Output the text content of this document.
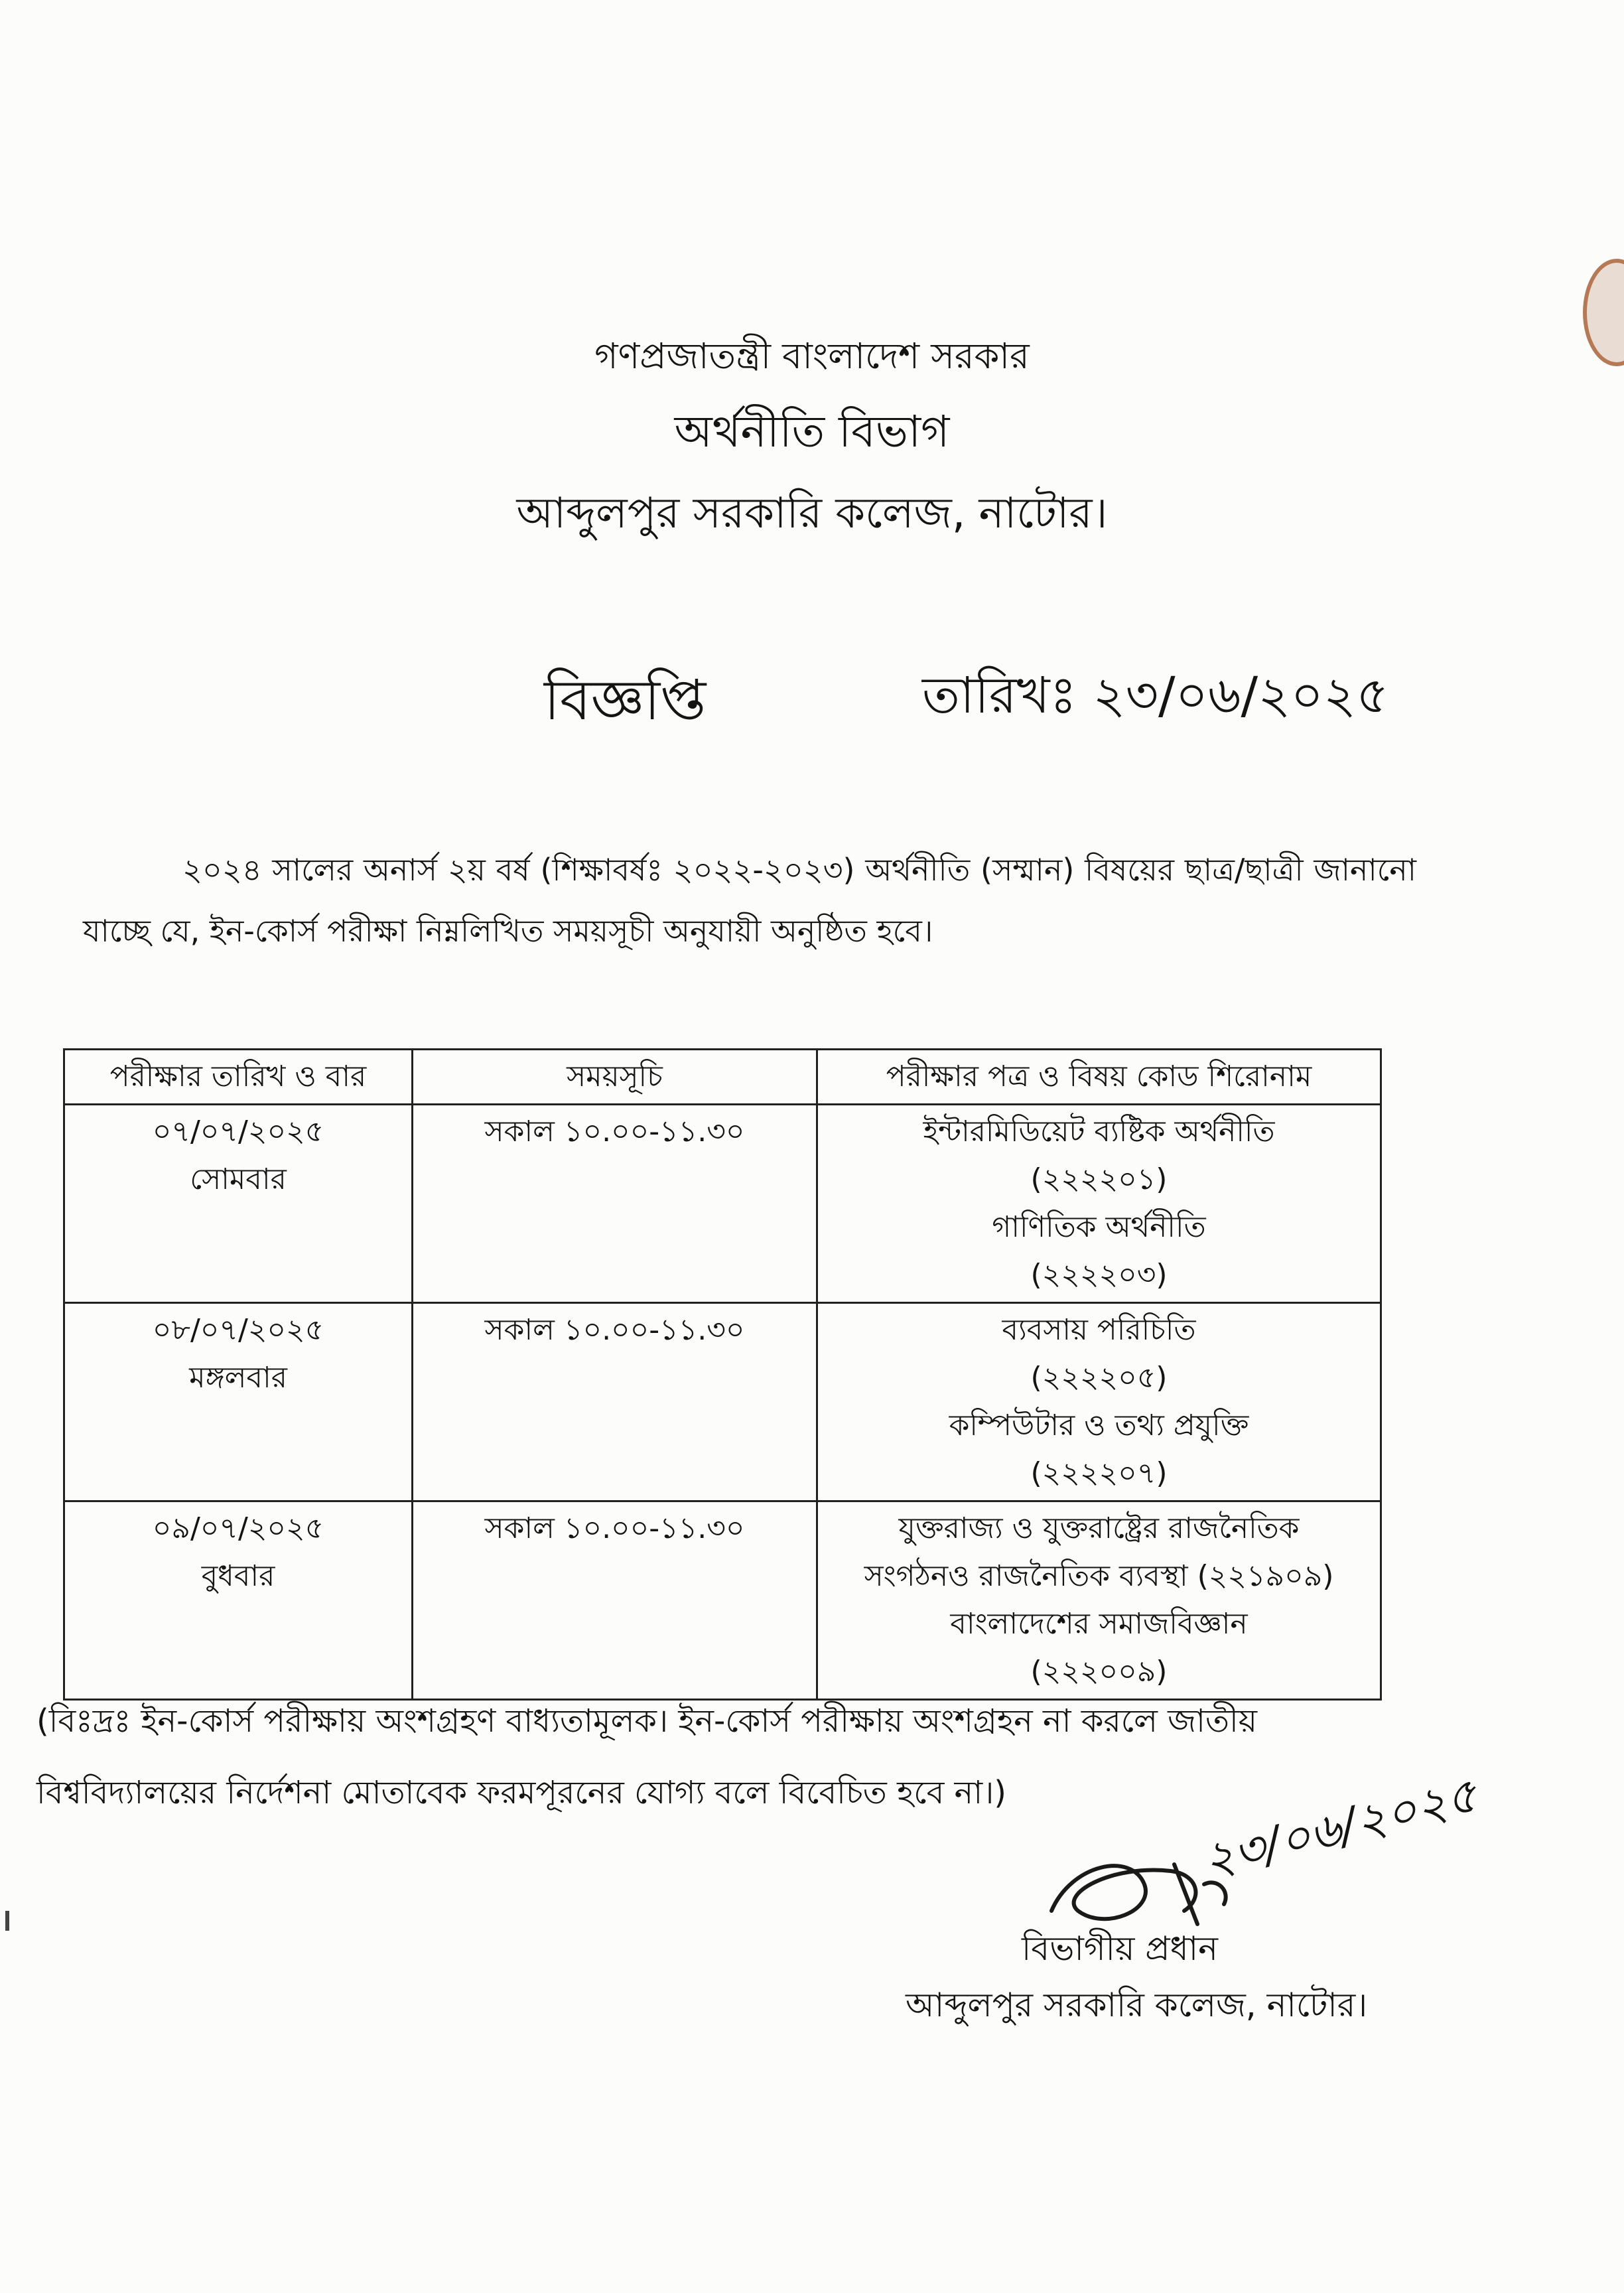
গণপ্রজাতন্ত্রী বাংলাদেশ সরকার
অর্থনীতি বিভাগ
আব্দুলপুর সরকারি কলেজ, নাটোর।
বিজ্ঞপ্তি	তারিখঃ ২৩/০৬/২০২৫
২০২৪ সালের অনার্স ২য় বর্ষ (শিক্ষাবর্ষঃ ২০২২-২০২৩) অর্থনীতি (সম্মান) বিষয়ের ছাত্র/ছাত্রী জানানো যাচ্ছে যে, ইন-কোর্স পরীক্ষা নিম্নলিখিত সময়সূচী অনুযায়ী অনুষ্ঠিত হবে।
পরীক্ষার তারিখ ও বার	সময়সূচি	পরীক্ষার পত্র ও বিষয় কোড শিরোনাম

০৭/০৭/২০২৫
সোমবার	সকাল ১০.০০-১১.৩০	ইন্টারমিডিয়েট ব্যষ্টিক অর্থনীতি
(২২২২০১)
গাণিতিক অর্থনীতি
(২২২২০৩)

০৮/০৭/২০২৫
মঙ্গলবার	সকাল ১০.০০-১১.৩০	ব্যবসায় পরিচিতি
(২২২২০৫)
কম্পিউটার ও তথ্য প্রযুক্তি
(২২২২০৭)

০৯/০৭/২০২৫
বুধবার	সকাল ১০.০০-১১.৩০	যুক্তরাজ্য ও যুক্তরাষ্ট্রের রাজনৈতিক
সংগঠনও রাজনৈতিক ব্যবস্থা (২২১৯০৯)
বাংলাদেশের সমাজবিজ্ঞান
(২২২০০৯)
(বিঃদ্রঃ ইন-কোর্স পরীক্ষায় অংশগ্রহণ বাধ্যতামূলক। ইন-কোর্স পরীক্ষায় অংশগ্রহন না করলে জাতীয় বিশ্ববিদ্যালয়ের নির্দেশনা মোতাবেক ফরমপূরনের যোগ্য বলে বিবেচিত হবে না।)	২৩/০৬/২০২৫
বিভাগীয় প্রধান
আব্দুলপুর সরকারি কলেজ, নাটোর।
